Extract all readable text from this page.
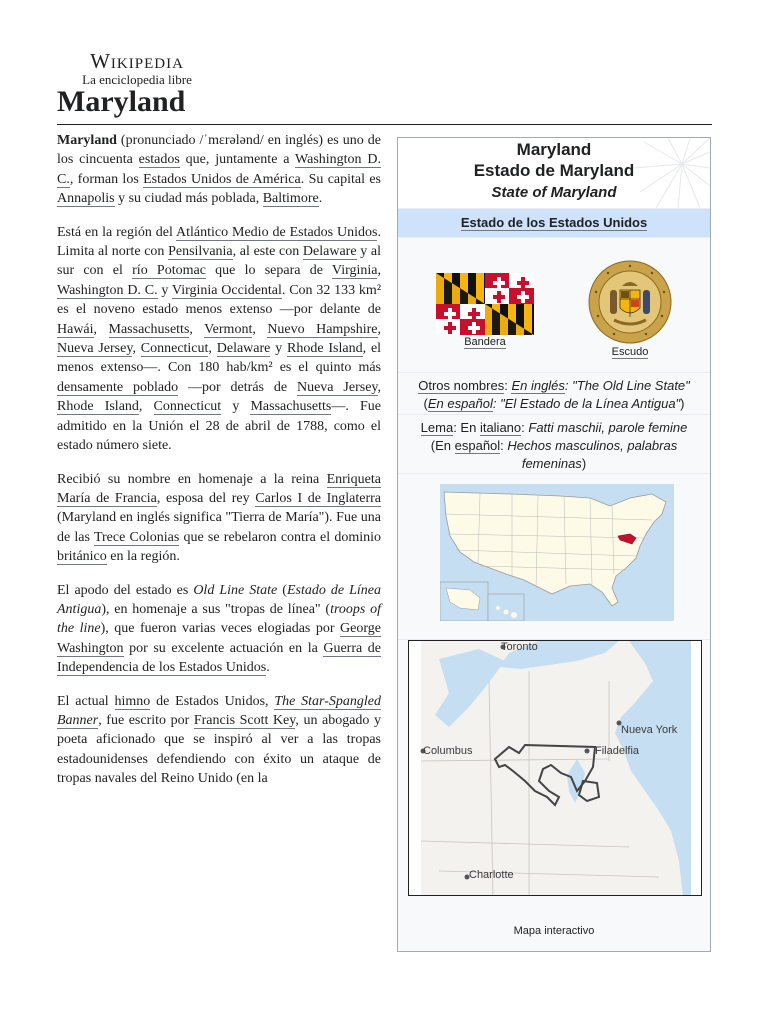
Wikipedia
La enciclopedia libre
Maryland

Maryland (pronunciado /ˈmɛrələnd/ en inglés) es uno de los cincuenta estados que, juntamente a Washington D. C., forman los Estados Unidos de América. Su capital es Annapolis y su ciudad más poblada, Baltimore.

Está en la región del Atlántico Medio de Estados Unidos. Limita al norte con Pensilvania, al este con Delaware y al sur con el río Potomac que lo separa de Virginia, Washington D. C. y Virginia Occidental. Con 32 133 km² es el noveno estado menos extenso —por delante de Hawái, Massachusetts, Vermont, Nuevo Hampshire, Nueva Jersey, Connecticut, Delaware y Rhode Island, el menos extenso—. Con 180 hab/km² es el quinto más densamente poblado —por detrás de Nueva Jersey, Rhode Island, Connecticut y Massachusetts—. Fue admitido en la Unión el 28 de abril de 1788, como el estado número siete.

Recibió su nombre en homenaje a la reina Enriqueta María de Francia, esposa del rey Carlos I de Inglaterra (Maryland en inglés significa "Tierra de María"). Fue una de las Trece Colonias que se rebelaron contra el dominio británico en la región.

El apodo del estado es Old Line State (Estado de Línea Antigua), en homenaje a sus "tropas de línea" (troops of the line), que fueron varias veces elogiadas por George Washington por su excelente actuación en la Guerra de Independencia de los Estados Unidos.

El actual himno de Estados Unidos, The Star-Spangled Banner, fue escrito por Francis Scott Key, un abogado y poeta aficionado que se inspiró al ver a las tropas estadounidenses defendiendo con éxito un ataque de tropas navales del Reino Unido (en la

Maryland
Estado de Maryland
State of Maryland
Estado de los Estados Unidos
Bandera
Escudo
Otros nombres: En inglés: "The Old Line State"
(En español: "El Estado de la Línea Antigua")
Lema: En italiano: Fatti maschii, parole femine
(En español: Hechos masculinos, palabras femeninas)
Toronto
Nueva York
Columbus	Filadelfia
Charlotte
Mapa interactivo
